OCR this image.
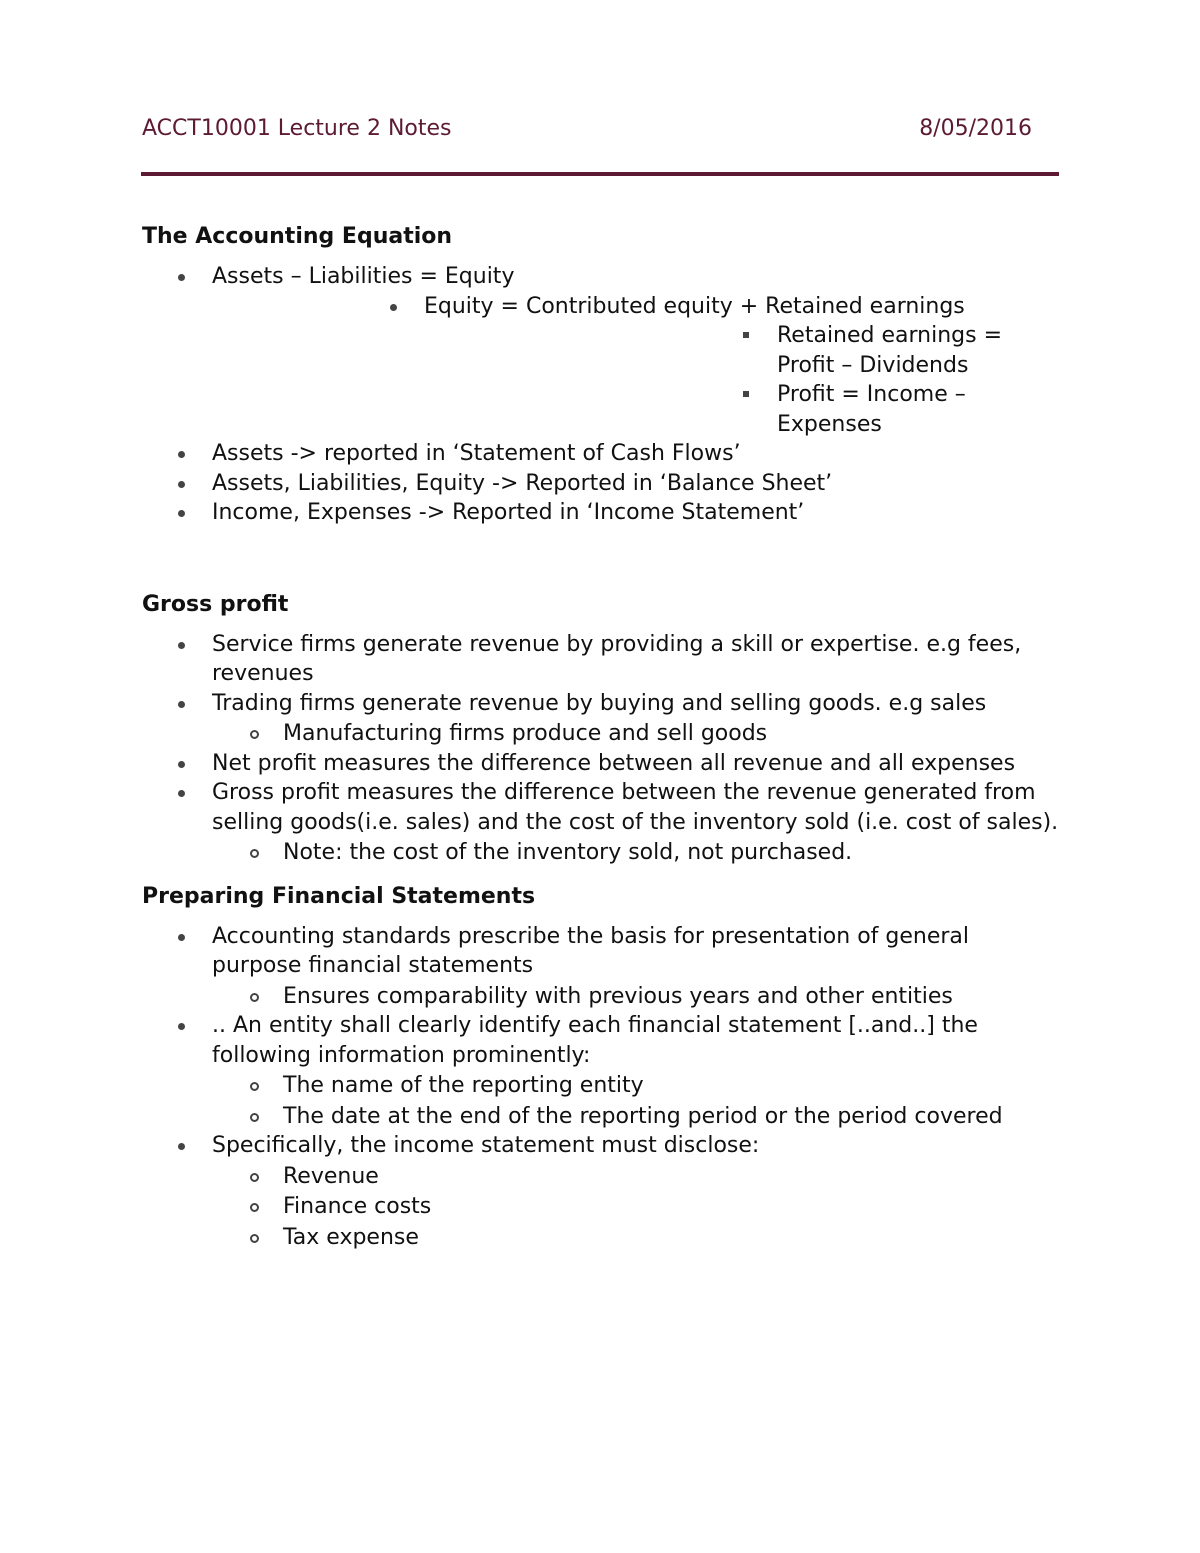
ACCT10001 Lecture 2 Notes	8/05/2016
The Accounting Equation
Assets – Liabilities = Equity
Equity = Contributed equity + Retained earnings
Retained earnings = Profit – Dividends
Profit = Income – Expenses
Assets -> reported in ‘Statement of Cash Flows’
Assets, Liabilities, Equity -> Reported in ‘Balance Sheet’
Income, Expenses -> Reported in ‘Income Statement’
Gross profit
Service firms generate revenue by providing a skill or expertise. e.g fees, revenues
Trading firms generate revenue by buying and selling goods. e.g sales
Manufacturing firms produce and sell goods
Net profit measures the difference between all revenue and all expenses
Gross profit measures the difference between the revenue generated from selling goods(i.e. sales) and the cost of the inventory sold (i.e. cost of sales).
Note: the cost of the inventory sold, not purchased.
Preparing Financial Statements
Accounting standards prescribe the basis for presentation of general purpose financial statements
Ensures comparability with previous years and other entities
.. An entity shall clearly identify each financial statement [..and..] the following information prominently:
The name of the reporting entity
The date at the end of the reporting period or the period covered
Specifically, the income statement must disclose:
Revenue
Finance costs
Tax expense
